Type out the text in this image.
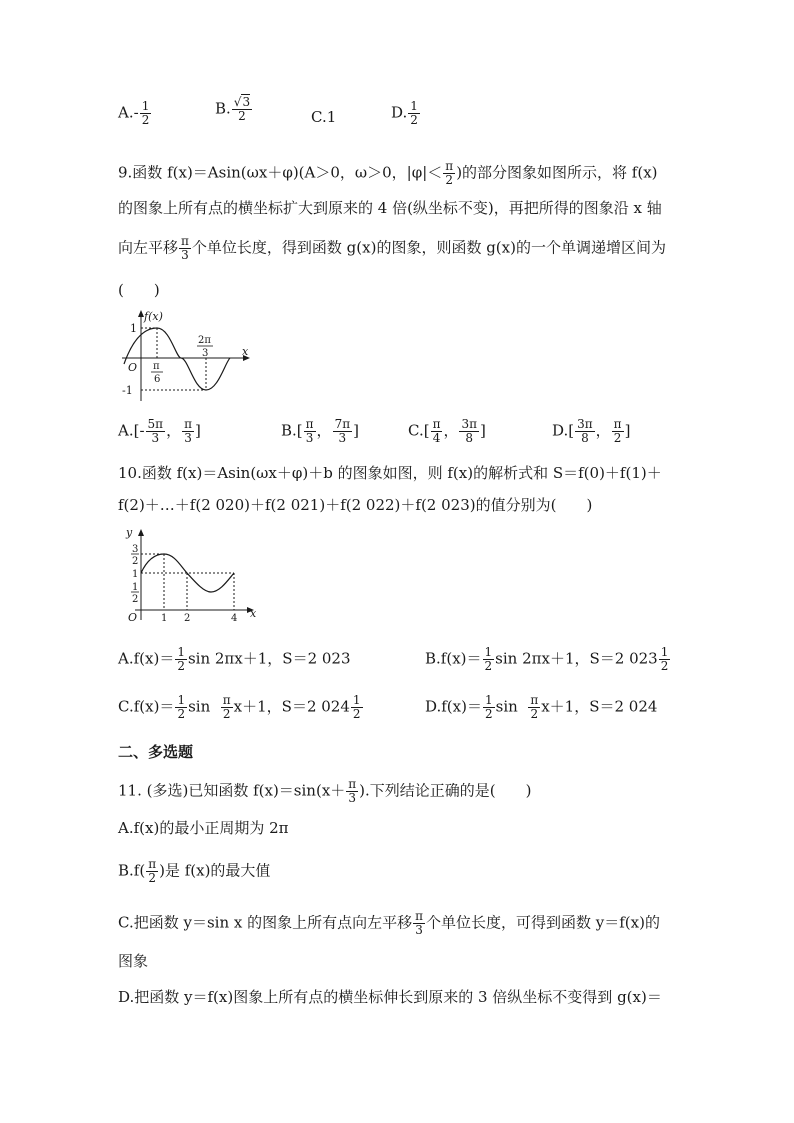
$A.- \frac{1}{2}$	B. $\frac{√3}{2}$	C.1	D. $\frac{1}{2}$
9.函数 f(x)＝Asin(ωx＋φ)(A＞0，ω＞0，$|\varphi|< \frac{\pi}{2}$ )的部分图象如图所示，将 f(x)
的图象上所有点的横坐标扩大到原来的 4 倍(纵坐标不变)，再把所得的图象沿 x 轴
向左平移 $\frac{\pi}{3}$ 个单位长度，得到函数 g(x)的图象，则函数 g(x)的一个单调递增区间为
(　　)
f(x)
1
-1
O
x
π
6
2π
3
$A.[- \frac{5\pi}{3}$ ， $\frac{\pi}{3}$ ]	$B.[ \frac{\pi}{3}$ ， $\frac{7\pi}{3}$ ]	$C.[ \frac{\pi}{4}$ ， $\frac{3\pi}{8}$ ]	$D.[ \frac{3\pi}{8}$ ， $\frac{\pi}{2}$ ]
10.函数 f(x)＝Asin(ωx＋φ)＋b 的图象如图，则 f(x)的解析式和 S＝f(0)＋f(1)＋
f(2)＋…＋f(2 020)＋f(2 021)＋f(2 022)＋f(2 023)的值分别为(　　)
y
x
O 1 2	4
3
2
1
1
2
$A.f(x)= \frac{1}{2}$ sin 2πx＋1，S＝2 023	$B.f(x)= \frac{1}{2}$ sin 2πx＋1，S＝2 $023 \frac{1}{2}$
$C.f(x)= \frac{1}{2}$ $\sin \frac{\pi}{2} x+1$，S＝2 $024 \frac{1}{2}$	$D.f(x)= \frac{1}{2}$ $\sin \frac{\pi}{2} x+1$，S＝2 024
二、多选题
11. (多选)已知函数 $f(x)=\sin(x+ \frac{\pi}{3}$ ).下列结论正确的是(　　)
A.f(x)的最小正周期为 2π
$B.f( \frac{\pi}{2}$ )是 f(x)的最大值
C.把函数 y＝sin x 的图象上所有点向左平移 $\frac{\pi}{3}$ 个单位长度，可得到函数 y＝f(x)的
图象
D.把函数 y＝f(x)图象上所有点的横坐标伸长到原来的 3 倍纵坐标不变得到 g(x)＝
